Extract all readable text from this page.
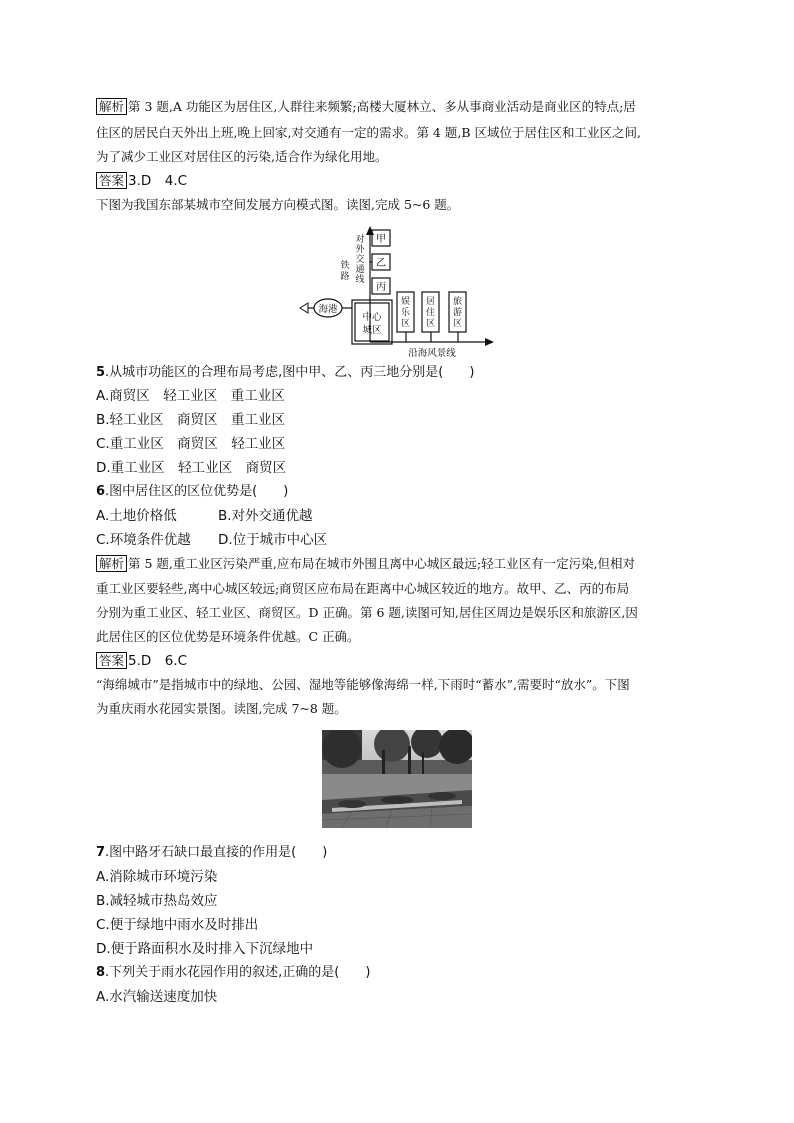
解析 第 3 题,A 功能区为居住区,人群往来频繁;高楼大厦林立、多从事商业活动是商业区的特点;居
住区的居民白天外出上班,晚上回家,对交通有一定的需求。第 4 题,B 区域位于居住区和工业区之间,
为了减少工业区对居住区的污染,适合作为绿化用地。
答案 3.D　4.C
下图为我国东部某城市空间发展方向模式图。读图,完成 5~6 题。
甲
乙
丙
对
外
交
通
线
铁
路
海港
中心
城区
娱
乐
区
居
住
区
旅
游
区
沿海风景线
5.从城市功能区的合理布局考虑,图中甲、乙、丙三地分别是(　　)
A.商贸区　轻工业区　重工业区
B.轻工业区　商贸区　重工业区
C.重工业区　商贸区　轻工业区
D.重工业区　轻工业区　商贸区
6.图中居住区的区位优势是(　　)
A.土地价格低	B.对外交通优越
C.环境条件优越 D.位于城市中心区
解析 第 5 题,重工业区污染严重,应布局在城市外围且离中心城区最远;轻工业区有一定污染,但相对
重工业区要轻些,离中心城区较远;商贸区应布局在距离中心城区较近的地方。故甲、乙、丙的布局
分别为重工业区、轻工业区、商贸区。D 正确。第 6 题,读图可知,居住区周边是娱乐区和旅游区,因
此居住区的区位优势是环境条件优越。C 正确。
答案 5.D　6.C
“海绵城市”是指城市中的绿地、公园、湿地等能够像海绵一样,下雨时“蓄水”,需要时“放水”。下图
为重庆雨水花园实景图。读图,完成 7~8 题。
7.图中路牙石缺口最直接的作用是(　　)
A.消除城市环境污染
B.减轻城市热岛效应
C.便于绿地中雨水及时排出
D.便于路面积水及时排入下沉绿地中
8.下列关于雨水花园作用的叙述,正确的是(　　)
A.水汽输送速度加快
